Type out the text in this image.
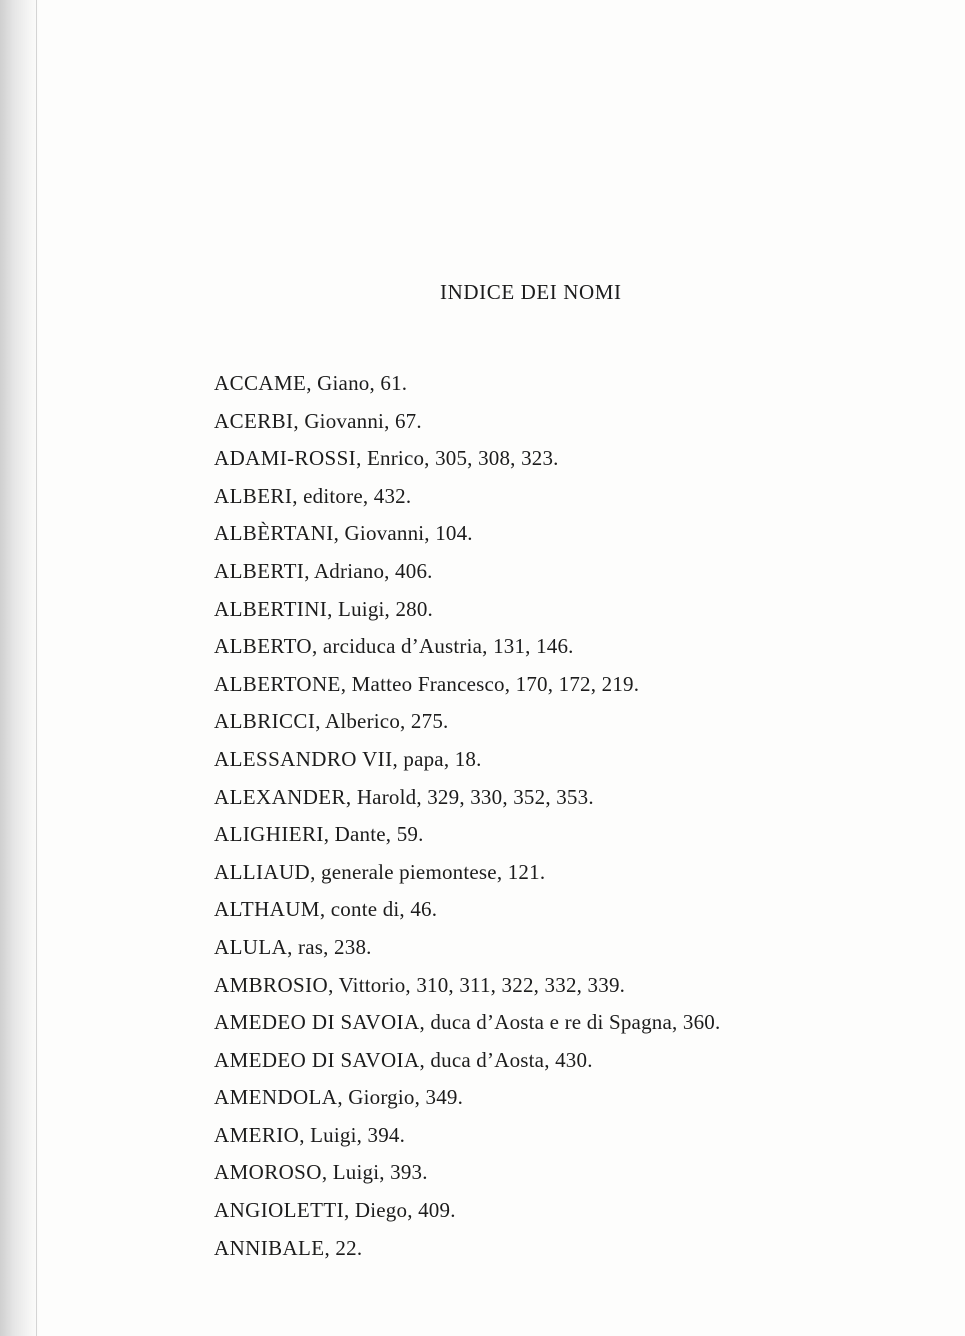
INDICE DEI NOMI
ACCAME, Giano, 61.
ACERBI, Giovanni, 67.
ADAMI-ROSSI, Enrico, 305, 308, 323.
ALBERI, editore, 432.
ALBÈRTANI, Giovanni, 104.
ALBERTI, Adriano, 406.
ALBERTINI, Luigi, 280.
ALBERTO, arciduca d’Austria, 131, 146.
ALBERTONE, Matteo Francesco, 170, 172, 219.
ALBRICCI, Alberico, 275.
ALESSANDRO VII, papa, 18.
ALEXANDER, Harold, 329, 330, 352, 353.
ALIGHIERI, Dante, 59.
ALLIAUD, generale piemontese, 121.
ALTHAUM, conte di, 46.
ALULA, ras, 238.
AMBROSIO, Vittorio, 310, 311, 322, 332, 339.
AMEDEO DI SAVOIA, duca d’Aosta e re di Spagna, 360.
AMEDEO DI SAVOIA, duca d’Aosta, 430.
AMENDOLA, Giorgio, 349.
AMERIO, Luigi, 394.
AMOROSO, Luigi, 393.
ANGIOLETTI, Diego, 409.
ANNIBALE, 22.
